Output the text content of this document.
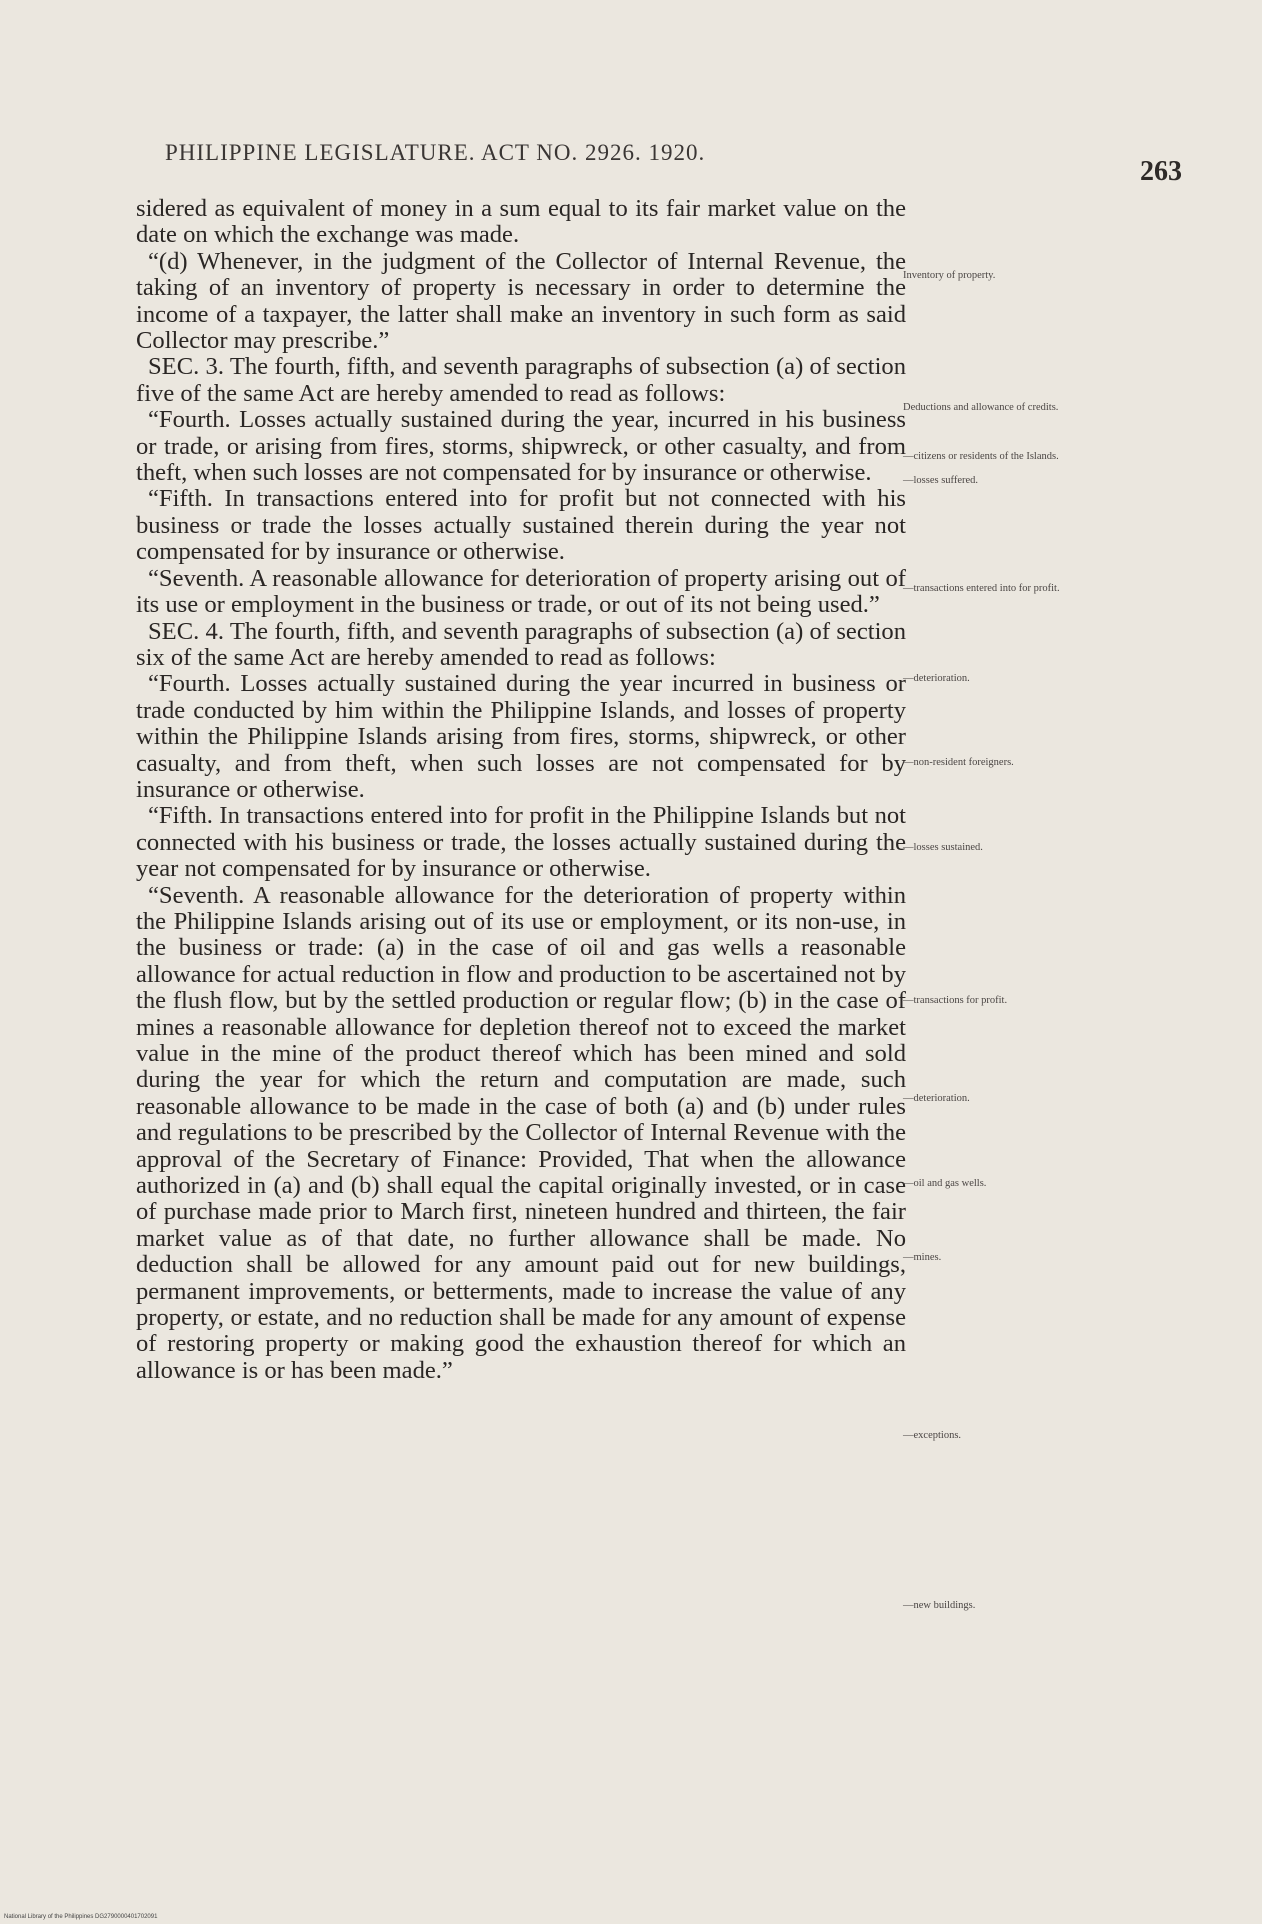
PHILIPPINE LEGISLATURE. ACT NO. 2926. 1920.
263

sidered as equivalent of money in a sum equal to its fair market value on the date on which the exchange was made.

“(d) Whenever, in the judgment of the Collector of Internal Revenue, the taking of an inventory of property is necessary in order to determine the income of a taxpayer, the latter shall make an inventory in such form as said Collector may prescribe.”

SEC. 3. The fourth, fifth, and seventh paragraphs of subsection (a) of section five of the same Act are hereby amended to read as follows:

“Fourth. Losses actually sustained during the year, incurred in his business or trade, or arising from fires, storms, shipwreck, or other casualty, and from theft, when such losses are not compensated for by insurance or otherwise.

“Fifth. In transactions entered into for profit but not connected with his business or trade the losses actually sustained therein during the year not compensated for by insurance or otherwise.

“Seventh. A reasonable allowance for deterioration of property arising out of its use or employment in the business or trade, or out of its not being used.”

SEC. 4. The fourth, fifth, and seventh paragraphs of subsection (a) of section six of the same Act are hereby amended to read as follows:

“Fourth. Losses actually sustained during the year incurred in business or trade conducted by him within the Philippine Islands, and losses of property within the Philippine Islands arising from fires, storms, shipwreck, or other casualty, and from theft, when such losses are not compensated for by insurance or otherwise.

“Fifth. In transactions entered into for profit in the Philippine Islands but not connected with his business or trade, the losses actually sustained during the year not compensated for by insurance or otherwise.

“Seventh. A reasonable allowance for the deterioration of property within the Philippine Islands arising out of its use or employment, or its non-use, in the business or trade: (a) in the case of oil and gas wells a reasonable allowance for actual reduction in flow and production to be ascertained not by the flush flow, but by the settled production or regular flow; (b) in the case of mines a reasonable allowance for depletion thereof not to exceed the market value in the mine of the product thereof which has been mined and sold during the year for which the return and computation are made, such reasonable allowance to be made in the case of both (a) and (b) under rules and regulations to be prescribed by the Collector of Internal Revenue with the approval of the Secretary of Finance: Provided, That when the allowance authorized in (a) and (b) shall equal the capital originally invested, or in case of purchase made prior to March first, nineteen hundred and thirteen, the fair market value as of that date, no further allowance shall be made. No deduction shall be allowed for any amount paid out for new buildings, permanent improvements, or betterments, made to increase the value of any property, or estate, and no reduction shall be made for any amount of expense of restoring property or making good the exhaustion thereof for which an allowance is or has been made.”

Inventory of property.
Deductions and allowance of credits.
—citizens or residents of the Islands.
—losses suffered.
—transactions entered into for profit.
—deterioration.
—non-resident foreigners.
—losses sustained.
—transactions for profit.
—deterioration.
—oil and gas wells.
—mines.
—exceptions.
—new buildings.
National Library of the Philippines DG2790000401702091
